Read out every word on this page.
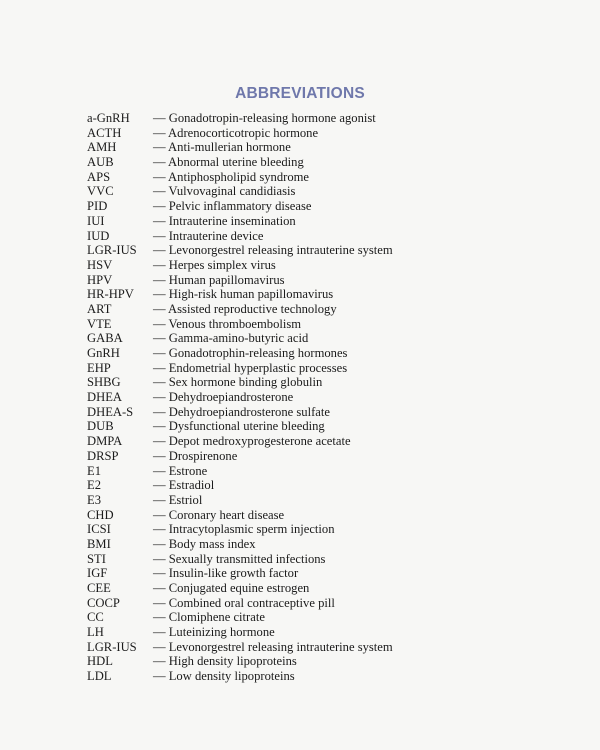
ABBREVIATIONS
a-GnRH — Gonadotropin-releasing hormone agonist
ACTH	— Adrenocorticotropic hormone
AMH	— Anti-mullerian hormone
AUB	— Abnormal uterine bleeding
APS	— Antiphospholipid syndrome
VVC	— Vulvovaginal candidiasis
PID	— Pelvic inflammatory disease
IUI	— Intrauterine insemination
IUD	— Intrauterine device
LGR-IUS — Levonorgestrel releasing intrauterine system
HSV	— Herpes simplex virus
HPV	— Human papillomavirus
HR-HPV — High-risk human papillomavirus
ART	— Assisted reproductive technology
VTE	— Venous thromboembolism
GABA — Gamma-amino-butyric acid
GnRH	— Gonadotrophin-releasing hormones
EHP	— Endometrial hyperplastic processes
SHBG	— Sex hormone binding globulin
DHEA — Dehydroepiandrosterone
DHEA-S — Dehydroepiandrosterone sulfate
DUB	— Dysfunctional uterine bleeding
DMPA — Depot medroxyprogesterone acetate
DRSP	— Drospirenone
E1	— Estrone
E2	— Estradiol
E3	— Estriol
CHD	— Coronary heart disease
ICSI	— Intracytoplasmic sperm injection
BMI	— Body mass index
STI	— Sexually transmitted infections
IGF	— Insulin-like growth factor
CEE	— Conjugated equine estrogen
COCP	— Combined oral contraceptive pill
CC	— Clomiphene citrate
LH	— Luteinizing hormone
LGR-IUS — Levonorgestrel releasing intrauterine system
HDL	— High density lipoproteins
LDL	— Low density lipoproteins
